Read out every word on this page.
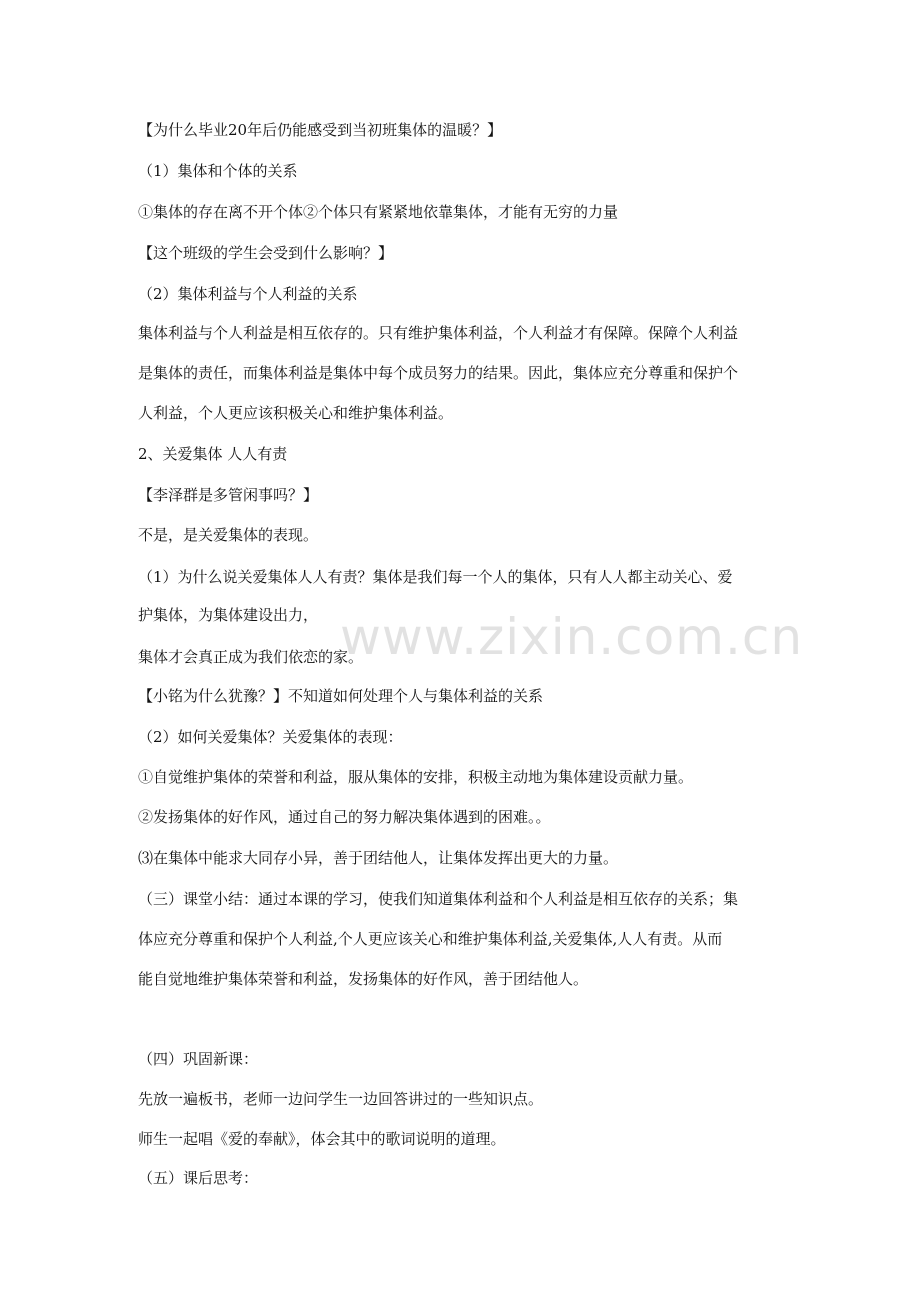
www.zixin.com.cn
【为什么毕业20年后仍能感受到当初班集体的温暖？】
（1）集体和个体的关系
①集体的存在离不开个体②个体只有紧紧地依靠集体，才能有无穷的力量
【这个班级的学生会受到什么影响？】
（2）集体利益与个人利益的关系
集体利益与个人利益是相互依存的。只有维护集体利益，个人利益才有保障。保障个人利益
是集体的责任，而集体利益是集体中每个成员努力的结果。因此，集体应充分尊重和保护个
人利益，个人更应该积极关心和维护集体利益。
2、关爱集体 人人有责
【李泽群是多管闲事吗？】
不是，是关爱集体的表现。
（1）为什么说关爱集体人人有责？集体是我们每一个人的集体，只有人人都主动关心、爱
护集体，为集体建设出力，
集体才会真正成为我们依恋的家。
【小铭为什么犹豫？】不知道如何处理个人与集体利益的关系
（2）如何关爱集体？关爱集体的表现：
①自觉维护集体的荣誉和利益，服从集体的安排，积极主动地为集体建设贡献力量。
②发扬集体的好作风，通过自己的努力解决集体遇到的困难。。
⑶在集体中能求大同存小异，善于团结他人，让集体发挥出更大的力量。
（三）课堂小结：通过本课的学习，使我们知道集体利益和个人利益是相互依存的关系；集
体应充分尊重和保护个人利益,个人更应该关心和维护集体利益,关爱集体,人人有责。从而
能自觉地维护集体荣誉和利益，发扬集体的好作风，善于团结他人。
（四）巩固新课：
先放一遍板书，老师一边问学生一边回答讲过的一些知识点。
师生一起唱《爱的奉献》，体会其中的歌词说明的道理。
（五）课后思考：
